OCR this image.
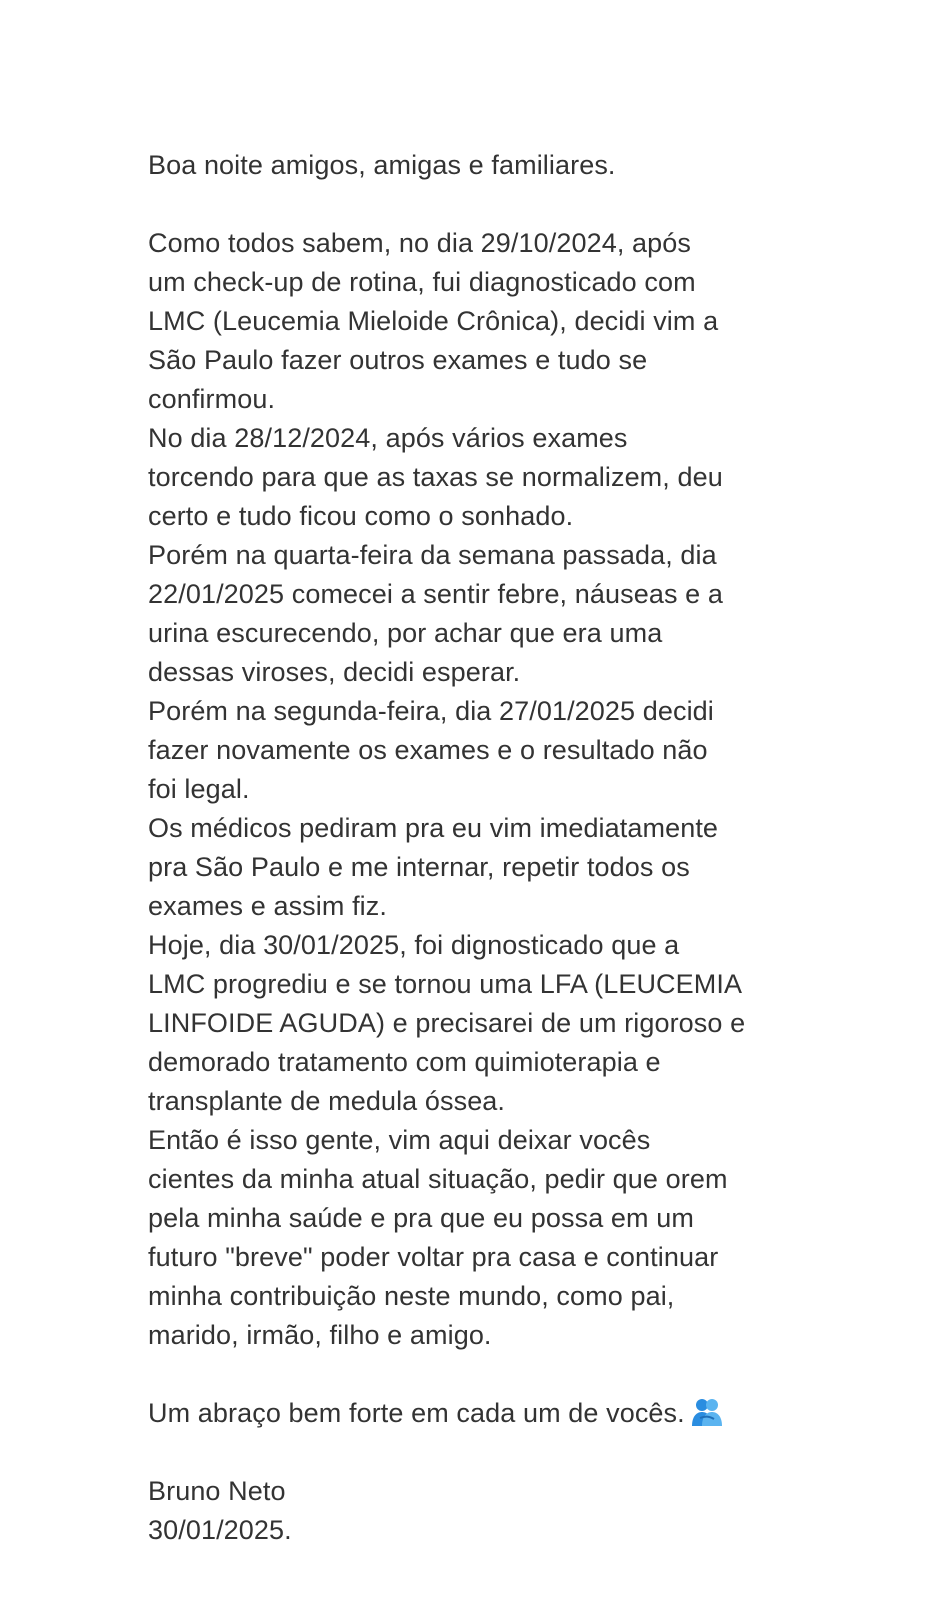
Boa noite amigos, amigas e familiares.
Como todos sabem, no dia 29/10/2024, após
um check-up de rotina, fui diagnosticado com
LMC (Leucemia Mieloide Crônica), decidi vim a
São Paulo fazer outros exames e tudo se
confirmou.
No dia 28/12/2024, após vários exames
torcendo para que as taxas se normalizem, deu
certo e tudo ficou como o sonhado.
Porém na quarta-feira da semana passada, dia
22/01/2025 comecei a sentir febre, náuseas e a
urina escurecendo, por achar que era uma
dessas viroses, decidi esperar.
Porém na segunda-feira, dia 27/01/2025 decidi
fazer novamente os exames e o resultado não
foi legal.
Os médicos pediram pra eu vim imediatamente
pra São Paulo e me internar, repetir todos os
exames e assim fiz.
Hoje, dia 30/01/2025, foi dignosticado que a
LMC progrediu e se tornou uma LFA (LEUCEMIA
LINFOIDE AGUDA) e precisarei de um rigoroso e
demorado tratamento com quimioterapia e
transplante de medula óssea.
Então é isso gente, vim aqui deixar vocês
cientes da minha atual situação, pedir que orem
pela minha saúde e pra que eu possa em um
futuro "breve" poder voltar pra casa e continuar
minha contribuição neste mundo, como pai,
marido, irmão, filho e amigo.
Um abraço bem forte em cada um de vocês.
Bruno Neto
30/01/2025.
